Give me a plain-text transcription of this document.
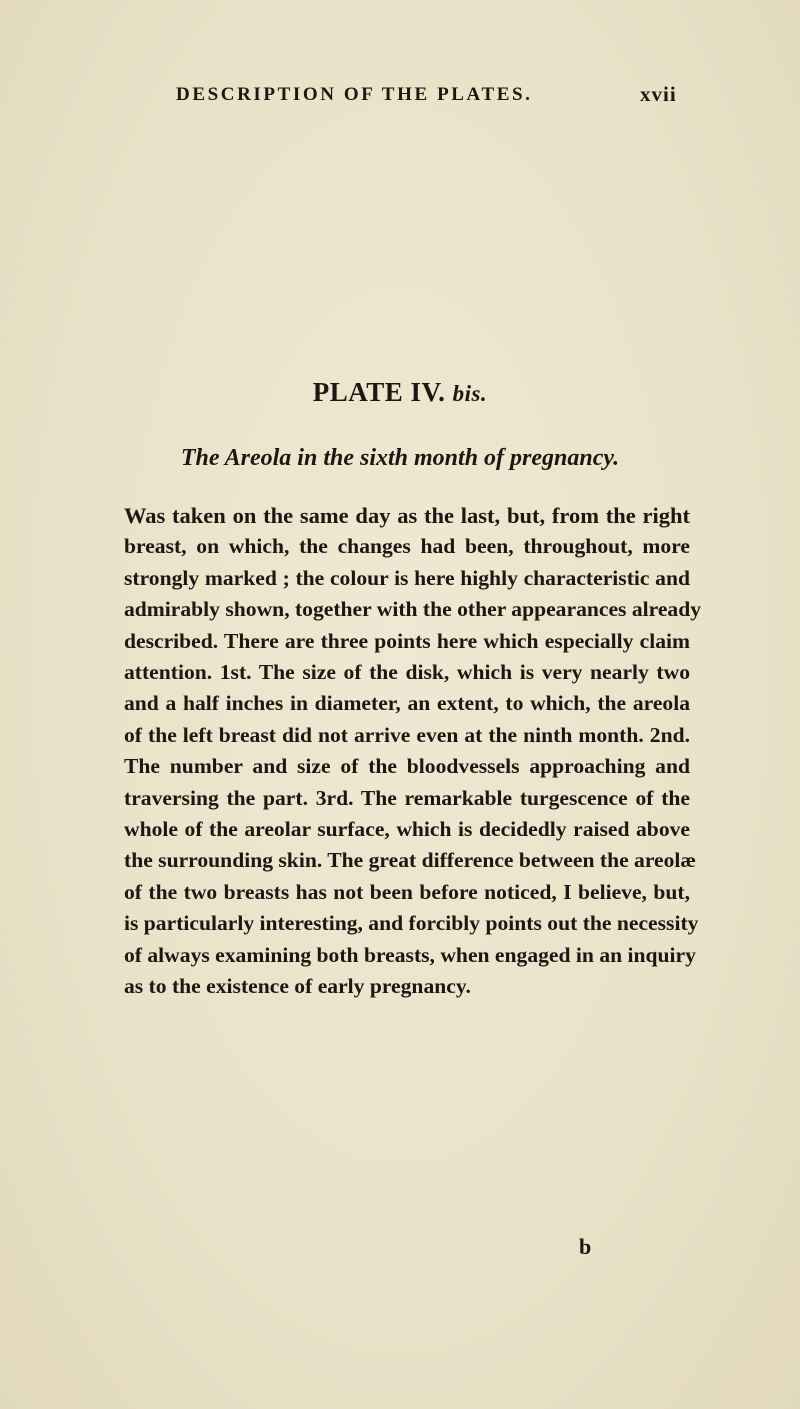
DESCRIPTION OF THE PLATES.	xvii
PLATE IV. bis.
The Areola in the sixth month of pregnancy.
Was taken on the same day as the last, but, from the right
breast, on which, the changes had been, throughout, more
strongly marked ; the colour is here highly characteristic and
admirably shown, together with the other appearances already
described. There are three points here which especially claim
attention. 1st. The size of the disk, which is very nearly two
and a half inches in diameter, an extent, to which, the areola
of the left breast did not arrive even at the ninth month. 2nd.
The number and size of the bloodvessels approaching and
traversing the part. 3rd. The remarkable turgescence of the
whole of the areolar surface, which is decidedly raised above
the surrounding skin. The great difference between the areolæ
of the two breasts has not been before noticed, I believe, but,
is particularly interesting, and forcibly points out the necessity
of always examining both breasts, when engaged in an inquiry
as to the existence of early pregnancy.
b
